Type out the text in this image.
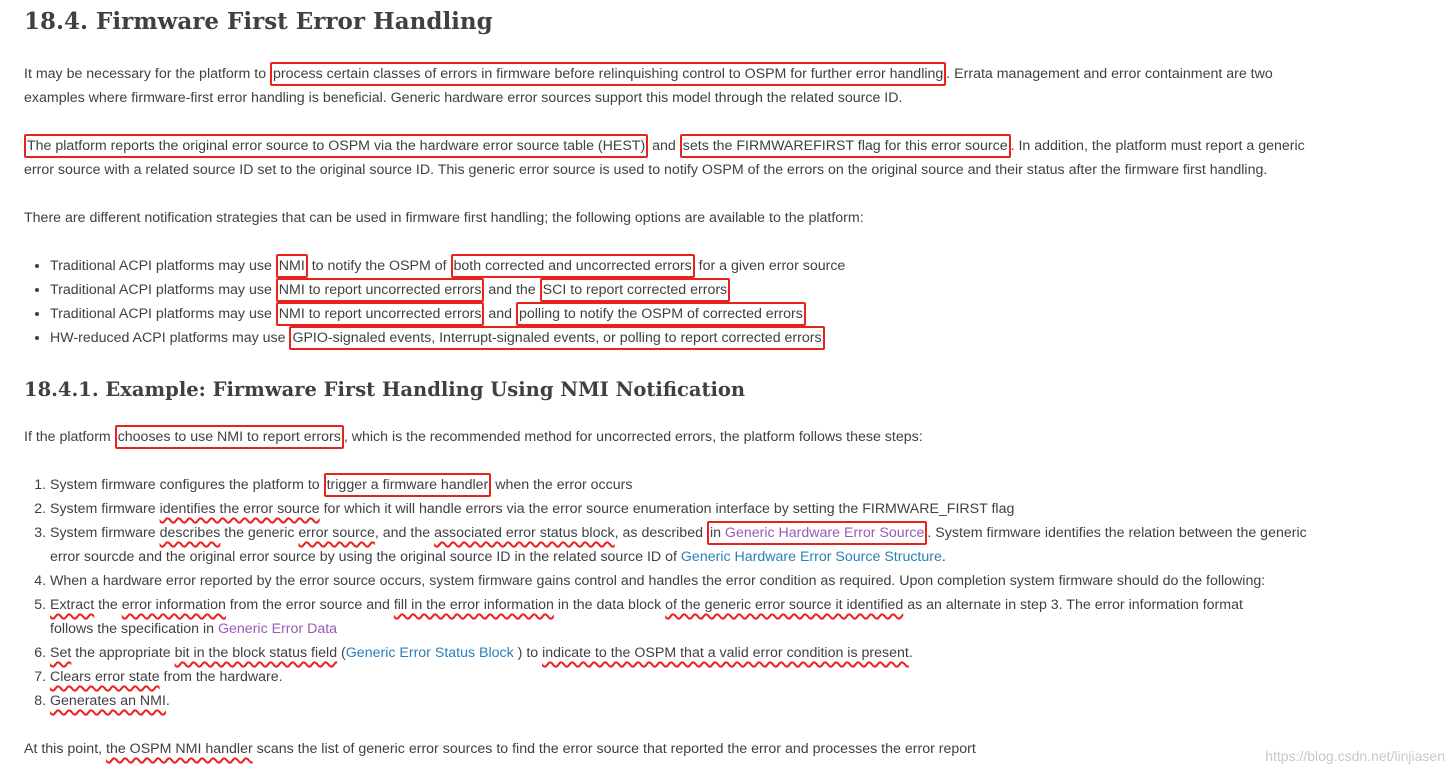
18.4. Firmware First Error Handling
It may be necessary for the platform to process certain classes of errors in firmware before relinquishing control to OSPM for further error handling . Errata management and error containment are two
examples where firmware-first error handling is beneficial. Generic hardware error sources support this model through the related source ID.
The platform reports the original error source to OSPM via the hardware error source table (HEST) and sets the FIRMWAREFIRST flag for this error source . In addition, the platform must report a generic
error source with a related source ID set to the original source ID. This generic error source is used to notify OSPM of the errors on the original source and their status after the firmware first handling.
There are different notification strategies that can be used in firmware first handling; the following options are available to the platform:
• Traditional ACPI platforms may use NMI to notify the OSPM of both corrected and uncorrected errors for a given error source
• Traditional ACPI platforms may use NMI to report uncorrected errors and the SCI to report corrected errors
• Traditional ACPI platforms may use NMI to report uncorrected errors and polling to notify the OSPM of corrected errors
• HW-reduced ACPI platforms may use GPIO-signaled events, Interrupt-signaled events, or polling to report corrected errors
18.4.1. Example: Firmware First Handling Using NMI Notification
If the platform chooses to use NMI to report errors , which is the recommended method for uncorrected errors, the platform follows these steps:
1. System firmware configures the platform to trigger a firmware handler when the error occurs
2. System firmware identifies the error source for which it will handle errors via the error source enumeration interface by setting the FIRMWARE_FIRST flag
3. System firmware describes the generic error source, and the associated error status block, as described in Generic Hardware Error Source . System firmware identifies the relation between the generic
error sourcde and the original error source by using the original source ID in the related source ID of Generic Hardware Error Source Structure.
4. When a hardware error reported by the error source occurs, system firmware gains control and handles the error condition as required. Upon completion system firmware should do the following:
5. Extract the error information from the error source and fill in the error information in the data block of the generic error source it identified as an alternate in step 3. The error information format
follows the specification in Generic Error Data
6. Set the appropriate bit in the block status field (Generic Error Status Block ) to indicate to the OSPM that a valid error condition is present.
7. Clears error state from the hardware.
8. Generates an NMI.
At this point, the OSPM NMI handler scans the list of generic error sources to find the error source that reported the error and processes the error report	https://blog.csdn.net/linjiasen
